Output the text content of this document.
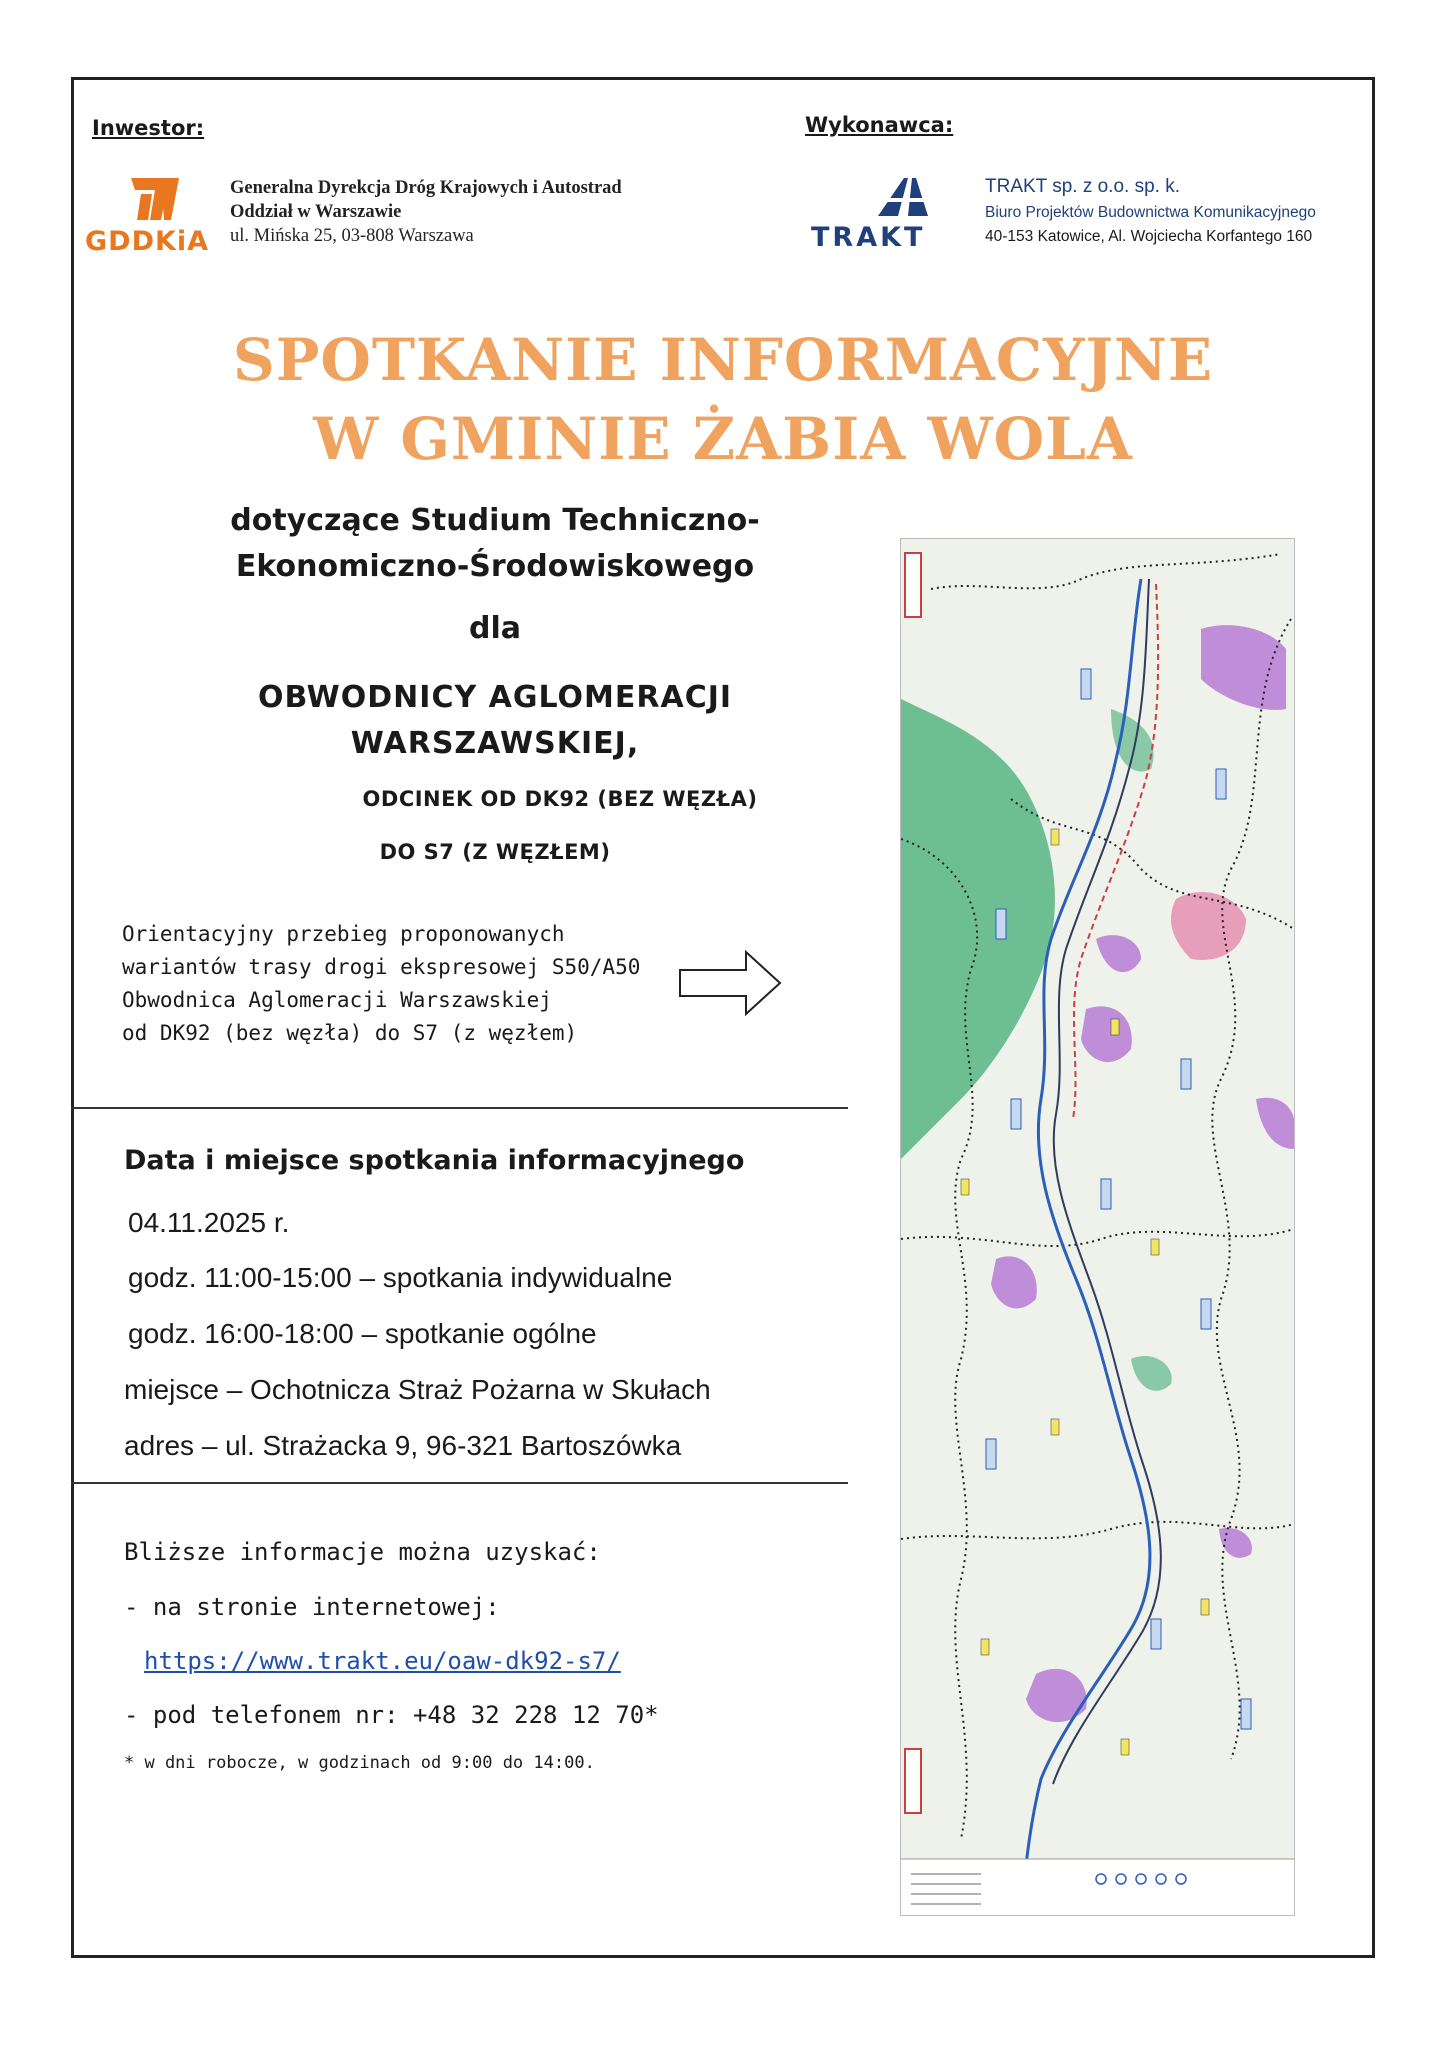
Inwestor:	Wykonawca:
GDDKiA
Generalna Dyrekcja Dróg Krajowych i Autostrad
Oddział w Warszawie
ul. Mińska 25, 03-808 Warszawa	TRAKT
TRAKT sp. z o.o. sp. k.
Biuro Projektów Budownictwa Komunikacyjnego
40-153 Katowice, Al. Wojciecha Korfantego 160
SPOTKANIE INFORMACYJNE
W GMINIE ŻABIA WOLA
dotyczące Studium Techniczno-
Ekonomiczno-Środowiskowego
dla
OBWODNICY AGLOMERACJI
WARSZAWSKIEJ,
ODCINEK OD DK92 (BEZ WĘZŁA)
DO S7 (Z WĘZŁEM)
Orientacyjny przebieg proponowanych
wariantów trasy drogi ekspresowej S50/A50
Obwodnica Aglomeracji Warszawskiej
od DK92 (bez węzła) do S7 (z węzłem)
Data i miejsce spotkania informacyjnego
04.11.2025 r.
godz. 11:00-15:00 – spotkania indywidualne
godz. 16:00-18:00 – spotkanie ogólne
miejsce – Ochotnicza Straż Pożarna w Skułach
adres – ul. Strażacka 9, 96-321 Bartoszówka
Bliższe informacje można uzyskać:
- na stronie internetowej:
https://www.trakt.eu/oaw-dk92-s7/
- pod telefonem nr: +48 32 228 12 70*
* w dni robocze, w godzinach od 9:00 do 14:00.
